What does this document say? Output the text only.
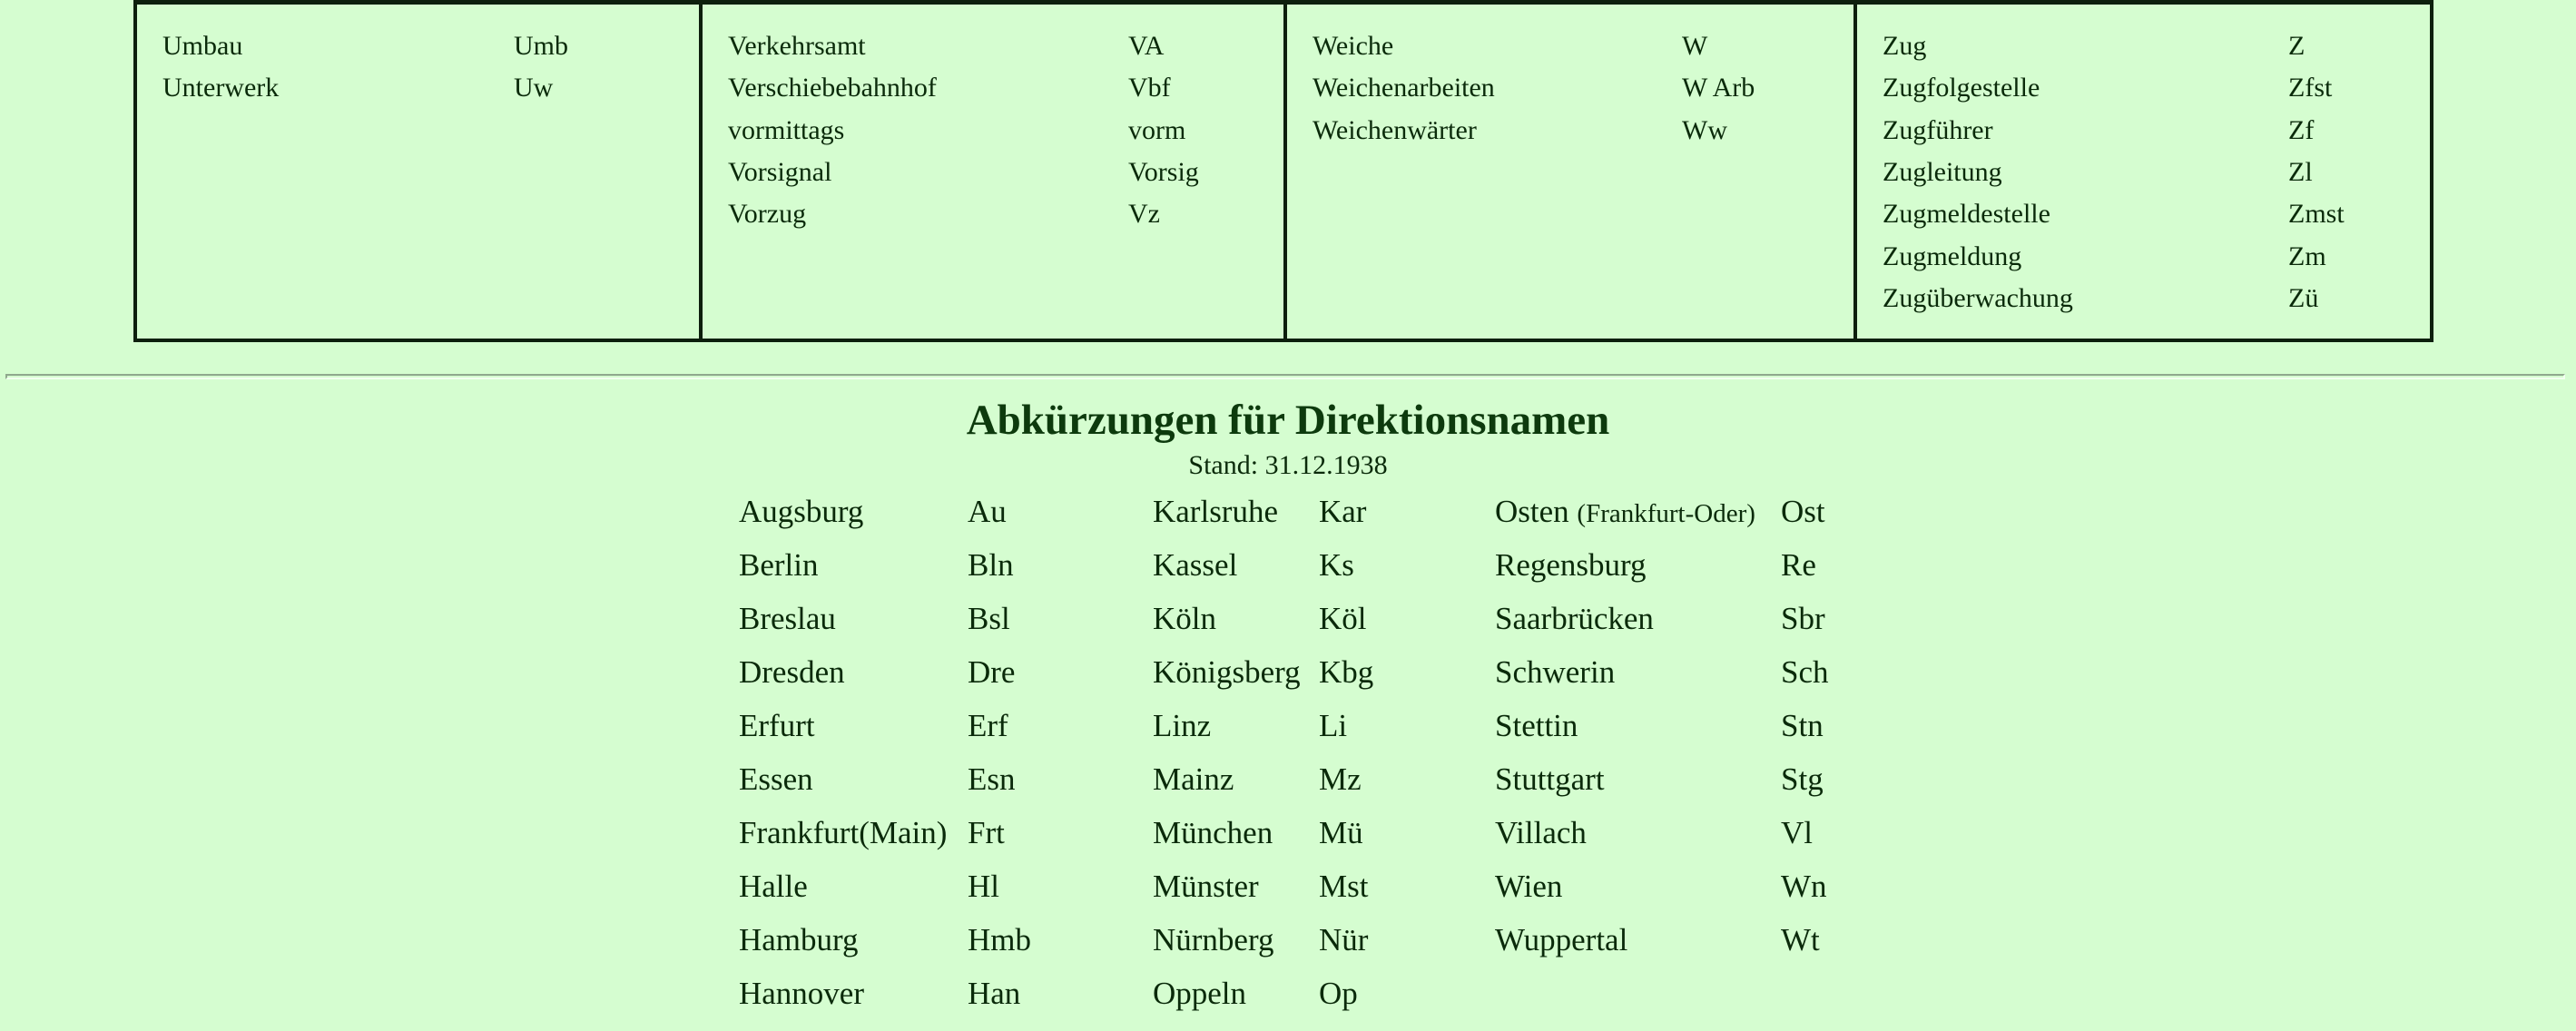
Umbau	Umb
Unterwerk	Uw
Verkehrsamt	VA
Verschiebebahnhof	Vbf
vormittags	vorm
Vorsignal	Vorsig
Vorzug	Vz
Weiche	W
Weichenarbeiten	W Arb
Weichenwärter	Ww
Zug	Z
Zugfolgestelle	Zfst
Zugführer	Zf
Zugleitung	Zl
Zugmeldestelle	Zmst
Zugmeldung	Zm
Zugüberwachung	Zü
Abkürzungen für Direktionsnamen
Stand: 31.12.1938
Augsburg	Au
Berlin	Bln
Breslau	Bsl
Dresden	Dre
Erfurt	Erf
Essen	Esn
Frankfurt(Main) Frt
Halle	Hl
Hamburg	Hmb
Hannover	Han
Karlsruhe Kar
Kassel	Ks
Köln	Köl
Königsberg Kbg
Linz	Li
Mainz	Mz
München Mü
Münster Mst
Nürnberg Nür
Oppeln Op
Osten (Frankfurt-Oder) Ost
Regensburg	Re
Saarbrücken	Sbr
Schwerin	Sch
Stettin	Stn
Stuttgart	Stg
Villach	Vl
Wien	Wn
Wuppertal	Wt
